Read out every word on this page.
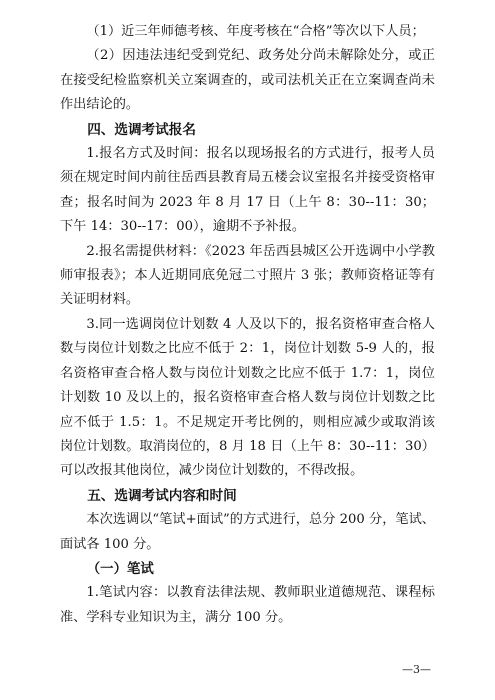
（1）近三年师德考核、年度考核在“合格”等次以下人员；

（2）因违法违纪受到党纪、政务处分尚未解除处分，或正在接受纪检监察机关立案调查的，或司法机关正在立案调查尚未作出结论的。

四、选调考试报名

1.报名方式及时间：报名以现场报名的方式进行，报考人员须在规定时间内前往岳西县教育局五楼会议室报名并接受资格审查；报名时间为 2023 年 8 月 17 日（上午 8：30--11：30；下午 14：30--17：00），逾期不予补报。

2.报名需提供材料：《2023 年岳西县城区公开选调中小学教师审报表》；本人近期同底免冠二寸照片 3 张；教师资格证等有关证明材料。

3.同一选调岗位计划数 4 人及以下的，报名资格审查合格人数与岗位计划数之比应不低于 2：1，岗位计划数 5-9 人的，报名资格审查合格人数与岗位计划数之比应不低于 1.7：1，岗位计划数 10 及以上的，报名资格审查合格人数与岗位计划数之比应不低于 1.5：1。不足规定开考比例的，则相应减少或取消该岗位计划数。取消岗位的，8 月 18 日（上午 8：30--11：30）可以改报其他岗位，减少岗位计划数的，不得改报。

五、选调考试内容和时间

本次选调以“笔试+面试”的方式进行，总分 200 分，笔试、面试各 100 分。

（一）笔试

1.笔试内容：以教育法律法规、教师职业道德规范、课程标准、学科专业知识为主，满分 100 分。

—3—
